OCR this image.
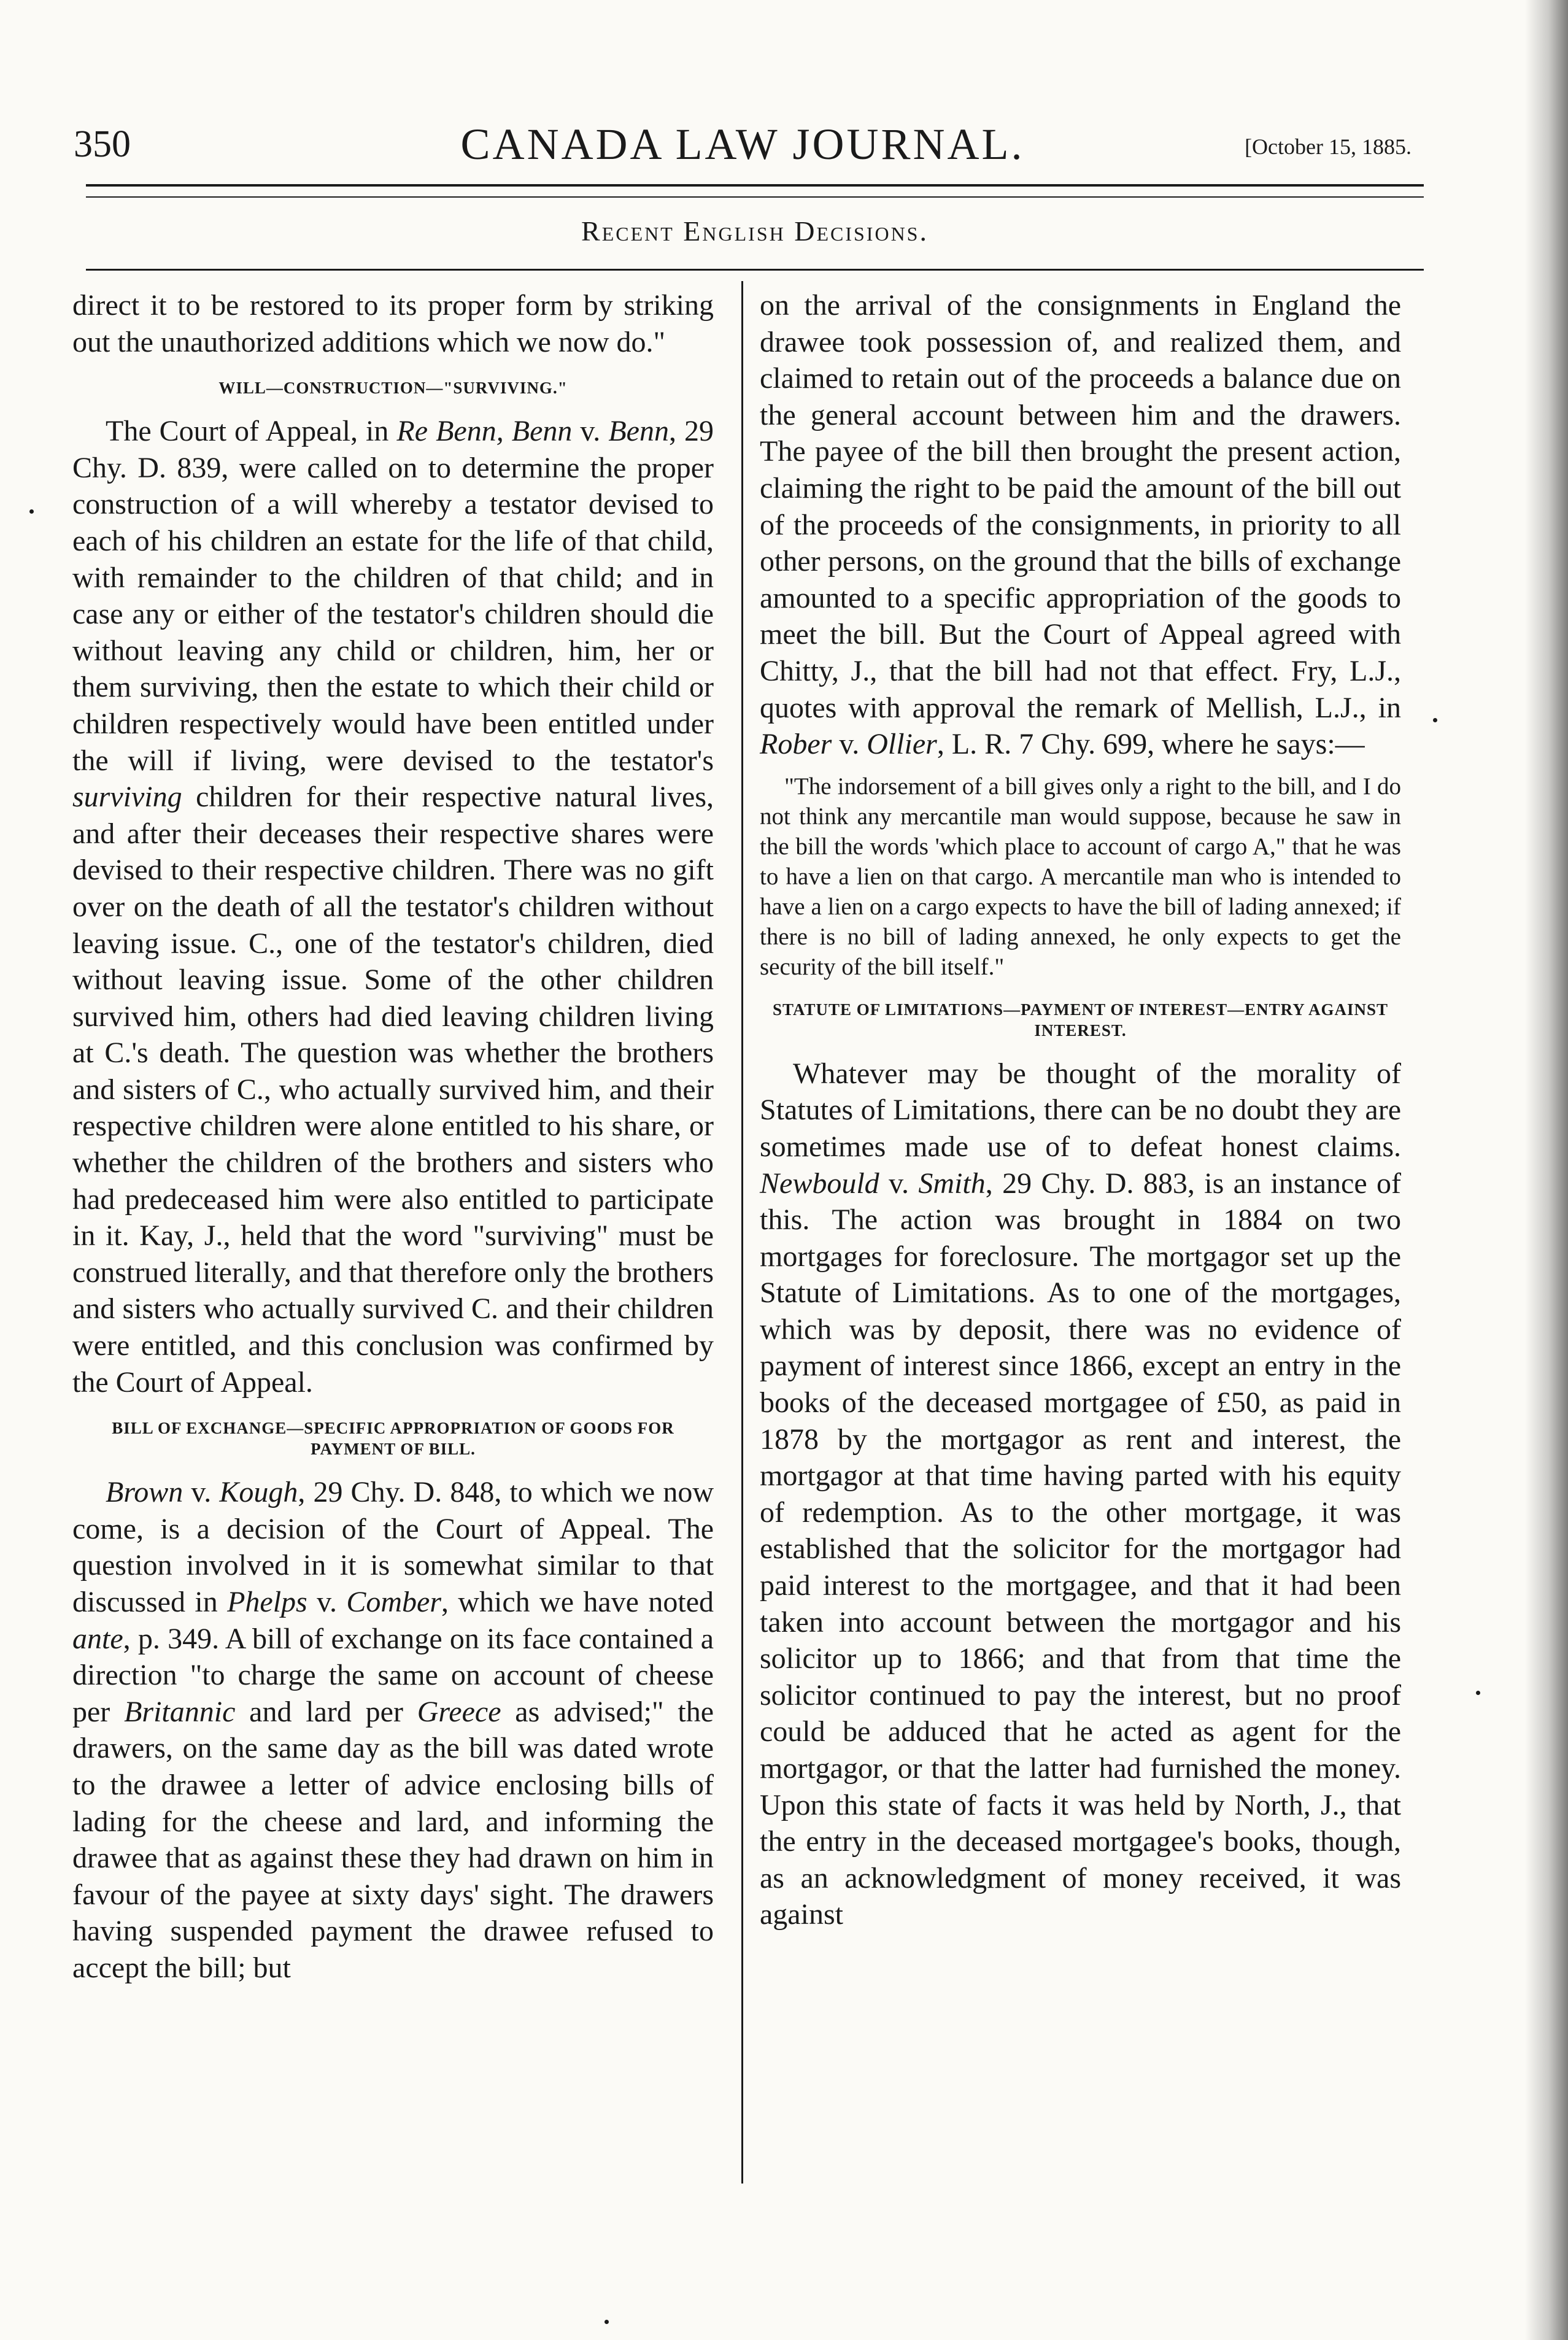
350	CANADA LAW JOURNAL.	[October 15, 1885.
Recent English Decisions.

direct it to be restored to its proper form by striking out the unauthorized additions which we now do."

WILL—CONSTRUCTION—"SURVIVING."

The Court of Appeal, in Re Benn, Benn v. Benn, 29 Chy. D. 839, were called on to determine the proper construction of a will whereby a testator devised to each of his children an estate for the life of that child, with remainder to the children of that child; and in case any or either of the testator's children should die without leaving any child or children, him, her or them surviving, then the estate to which their child or children respectively would have been entitled under the will if living, were devised to the testator's surviving children for their respective natural lives, and after their deceases their respective shares were devised to their respective children. There was no gift over on the death of all the testator's children without leaving issue. C., one of the testator's children, died without leaving issue. Some of the other children survived him, others had died leaving children living at C.'s death. The question was whether the brothers and sisters of C., who actually survived him, and their respective children were alone entitled to his share, or whether the children of the brothers and sisters who had predeceased him were also entitled to participate in it. Kay, J., held that the word "surviving" must be construed literally, and that therefore only the brothers and sisters who actually survived C. and their children were entitled, and this conclusion was confirmed by the Court of Appeal.

BILL OF EXCHANGE—SPECIFIC APPROPRIATION OF GOODS FOR PAYMENT OF BILL.

Brown v. Kough, 29 Chy. D. 848, to which we now come, is a decision of the Court of Appeal. The question involved in it is somewhat similar to that discussed in Phelps v. Comber, which we have noted ante, p. 349. A bill of exchange on its face contained a direction "to charge the same on account of cheese per Britannic and lard per Greece as advised;" the drawers, on the same day as the bill was dated wrote to the drawee a letter of advice enclosing bills of lading for the cheese and lard, and informing the drawee that as against these they had drawn on him in favour of the payee at sixty days' sight. The drawers having suspended payment the drawee refused to accept the bill; but

on the arrival of the consignments in England the drawee took possession of, and realized them, and claimed to retain out of the proceeds a balance due on the general account between him and the drawers. The payee of the bill then brought the present action, claiming the right to be paid the amount of the bill out of the proceeds of the consignments, in priority to all other persons, on the ground that the bills of exchange amounted to a specific appropriation of the goods to meet the bill. But the Court of Appeal agreed with Chitty, J., that the bill had not that effect. Fry, L.J., quotes with approval the remark of Mellish, L.J., in Rober v. Ollier, L. R. 7 Chy. 699, where he says:—

"The indorsement of a bill gives only a right to the bill, and I do not think any mercantile man would suppose, because he saw in the bill the words 'which place to account of cargo A," that he was to have a lien on that cargo. A mercantile man who is intended to have a lien on a cargo expects to have the bill of lading annexed; if there is no bill of lading annexed, he only expects to get the security of the bill itself."

STATUTE OF LIMITATIONS—PAYMENT OF INTEREST—ENTRY AGAINST INTEREST.

Whatever may be thought of the morality of Statutes of Limitations, there can be no doubt they are sometimes made use of to defeat honest claims. Newbould v. Smith, 29 Chy. D. 883, is an instance of this. The action was brought in 1884 on two mortgages for foreclosure. The mortgagor set up the Statute of Limitations. As to one of the mortgages, which was by deposit, there was no evidence of payment of interest since 1866, except an entry in the books of the deceased mortgagee of £50, as paid in 1878 by the mortgagor as rent and interest, the mortgagor at that time having parted with his equity of redemption. As to the other mortgage, it was established that the solicitor for the mortgagor had paid interest to the mortgagee, and that it had been taken into account between the mortgagor and his solicitor up to 1866; and that from that time the solicitor continued to pay the interest, but no proof could be adduced that he acted as agent for the mortgagor, or that the latter had furnished the money. Upon this state of facts it was held by North, J., that the entry in the deceased mortgagee's books, though, as an acknowledgment of money received, it was against
